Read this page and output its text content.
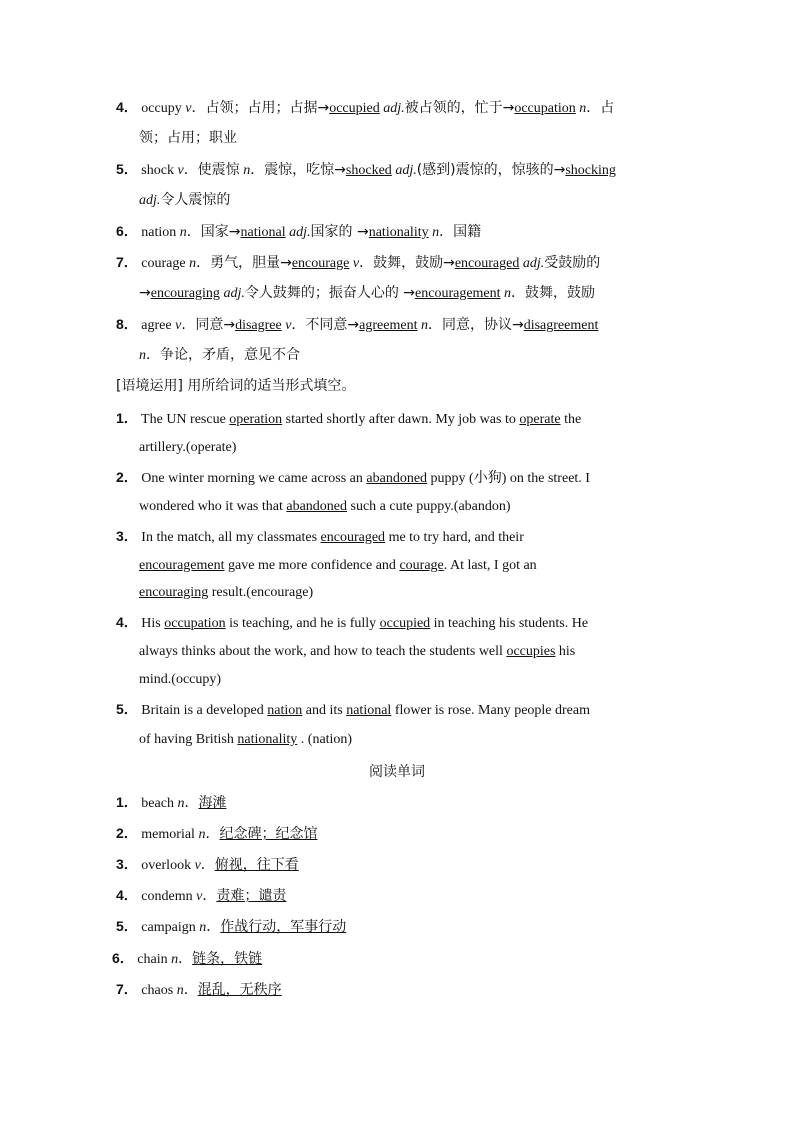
4． occupy v．占领；占用；占据→occupied adj.被占领的，忙于→occupation n．占
领；占用；职业
5． shock v．使震惊 n．震惊，吃惊→shocked adj.(感到)震惊的，惊骇的→shocking
adj.令人震惊的
6． nation n．国家→national adj.国家的 →nationality n．国籍
7． courage n．勇气，胆量→encourage v．鼓舞，鼓励→encouraged adj.受鼓励的
→encouraging adj.令人鼓舞的；振奋人心的 →encouragement n．鼓舞，鼓励
8． agree v．同意→disagree v．不同意→agreement n．同意，协议→disagreement
n．争论，矛盾，意见不合
[语境运用] 用所给词的适当形式填空。
1． The UN rescue operation started shortly after dawn. My job was to operate the
artillery.(operate)
2． One winter morning we came across an abandoned puppy (小狗) on the street. I
wondered who it was that abandoned such a cute puppy.(abandon)
3． In the match, all my classmates encouraged me to try hard, and their
encouragement gave me more confidence and courage. At last, I got an
encouraging result.(encourage)
4． His occupation is teaching, and he is fully occupied in teaching his students. He
always thinks about the work, and how to teach the students well occupies his
mind.(occupy)
5． Britain is a developed nation and its national flower is rose. Many people dream
of having British nationality . (nation)
阅读单词
1． beach n．海滩
2． memorial n．纪念碑；纪念馆
3． overlook v．俯视，往下看
4． condemn v．责难；谴责
5． campaign n．作战行动，军事行动
6． chain n．链条，铁链
7． chaos n．混乱，无秩序
